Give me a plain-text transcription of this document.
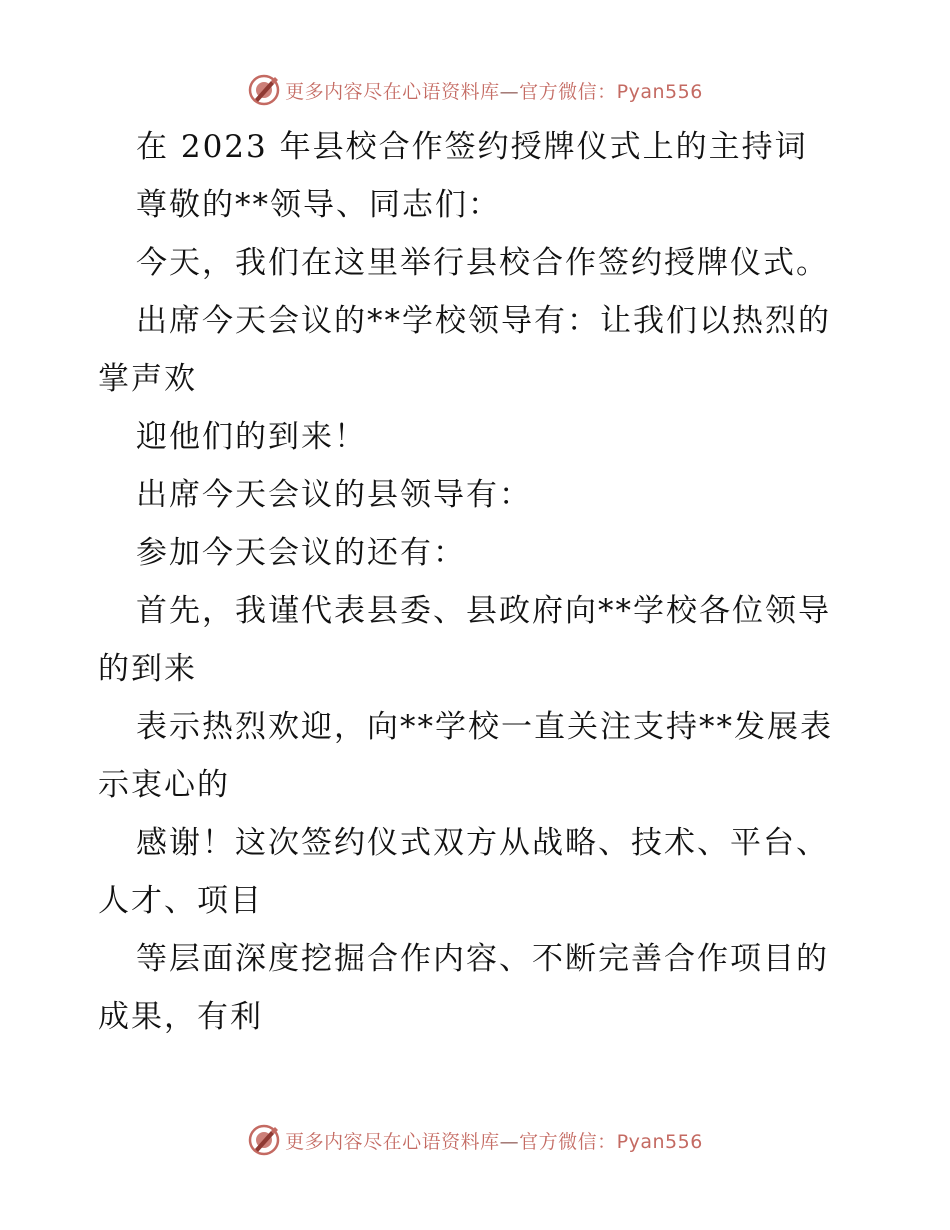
更多内容尽在心语资料库—官方微信：Pyan556
在 2023 年县校合作签约授牌仪式上的主持词
尊敬的**领导、同志们：
今天，我们在这里举行县校合作签约授牌仪式。
出席今天会议的**学校领导有：让我们以热烈的
掌声欢
迎他们的到来！
出席今天会议的县领导有：
参加今天会议的还有：
首先，我谨代表县委、县政府向**学校各位领导
的到来
表示热烈欢迎，向**学校一直关注支持**发展表
示衷心的
感谢！这次签约仪式双方从战略、技术、平台、
人才、项目
等层面深度挖掘合作内容、不断完善合作项目的
成果，有利
更多内容尽在心语资料库—官方微信：Pyan556
